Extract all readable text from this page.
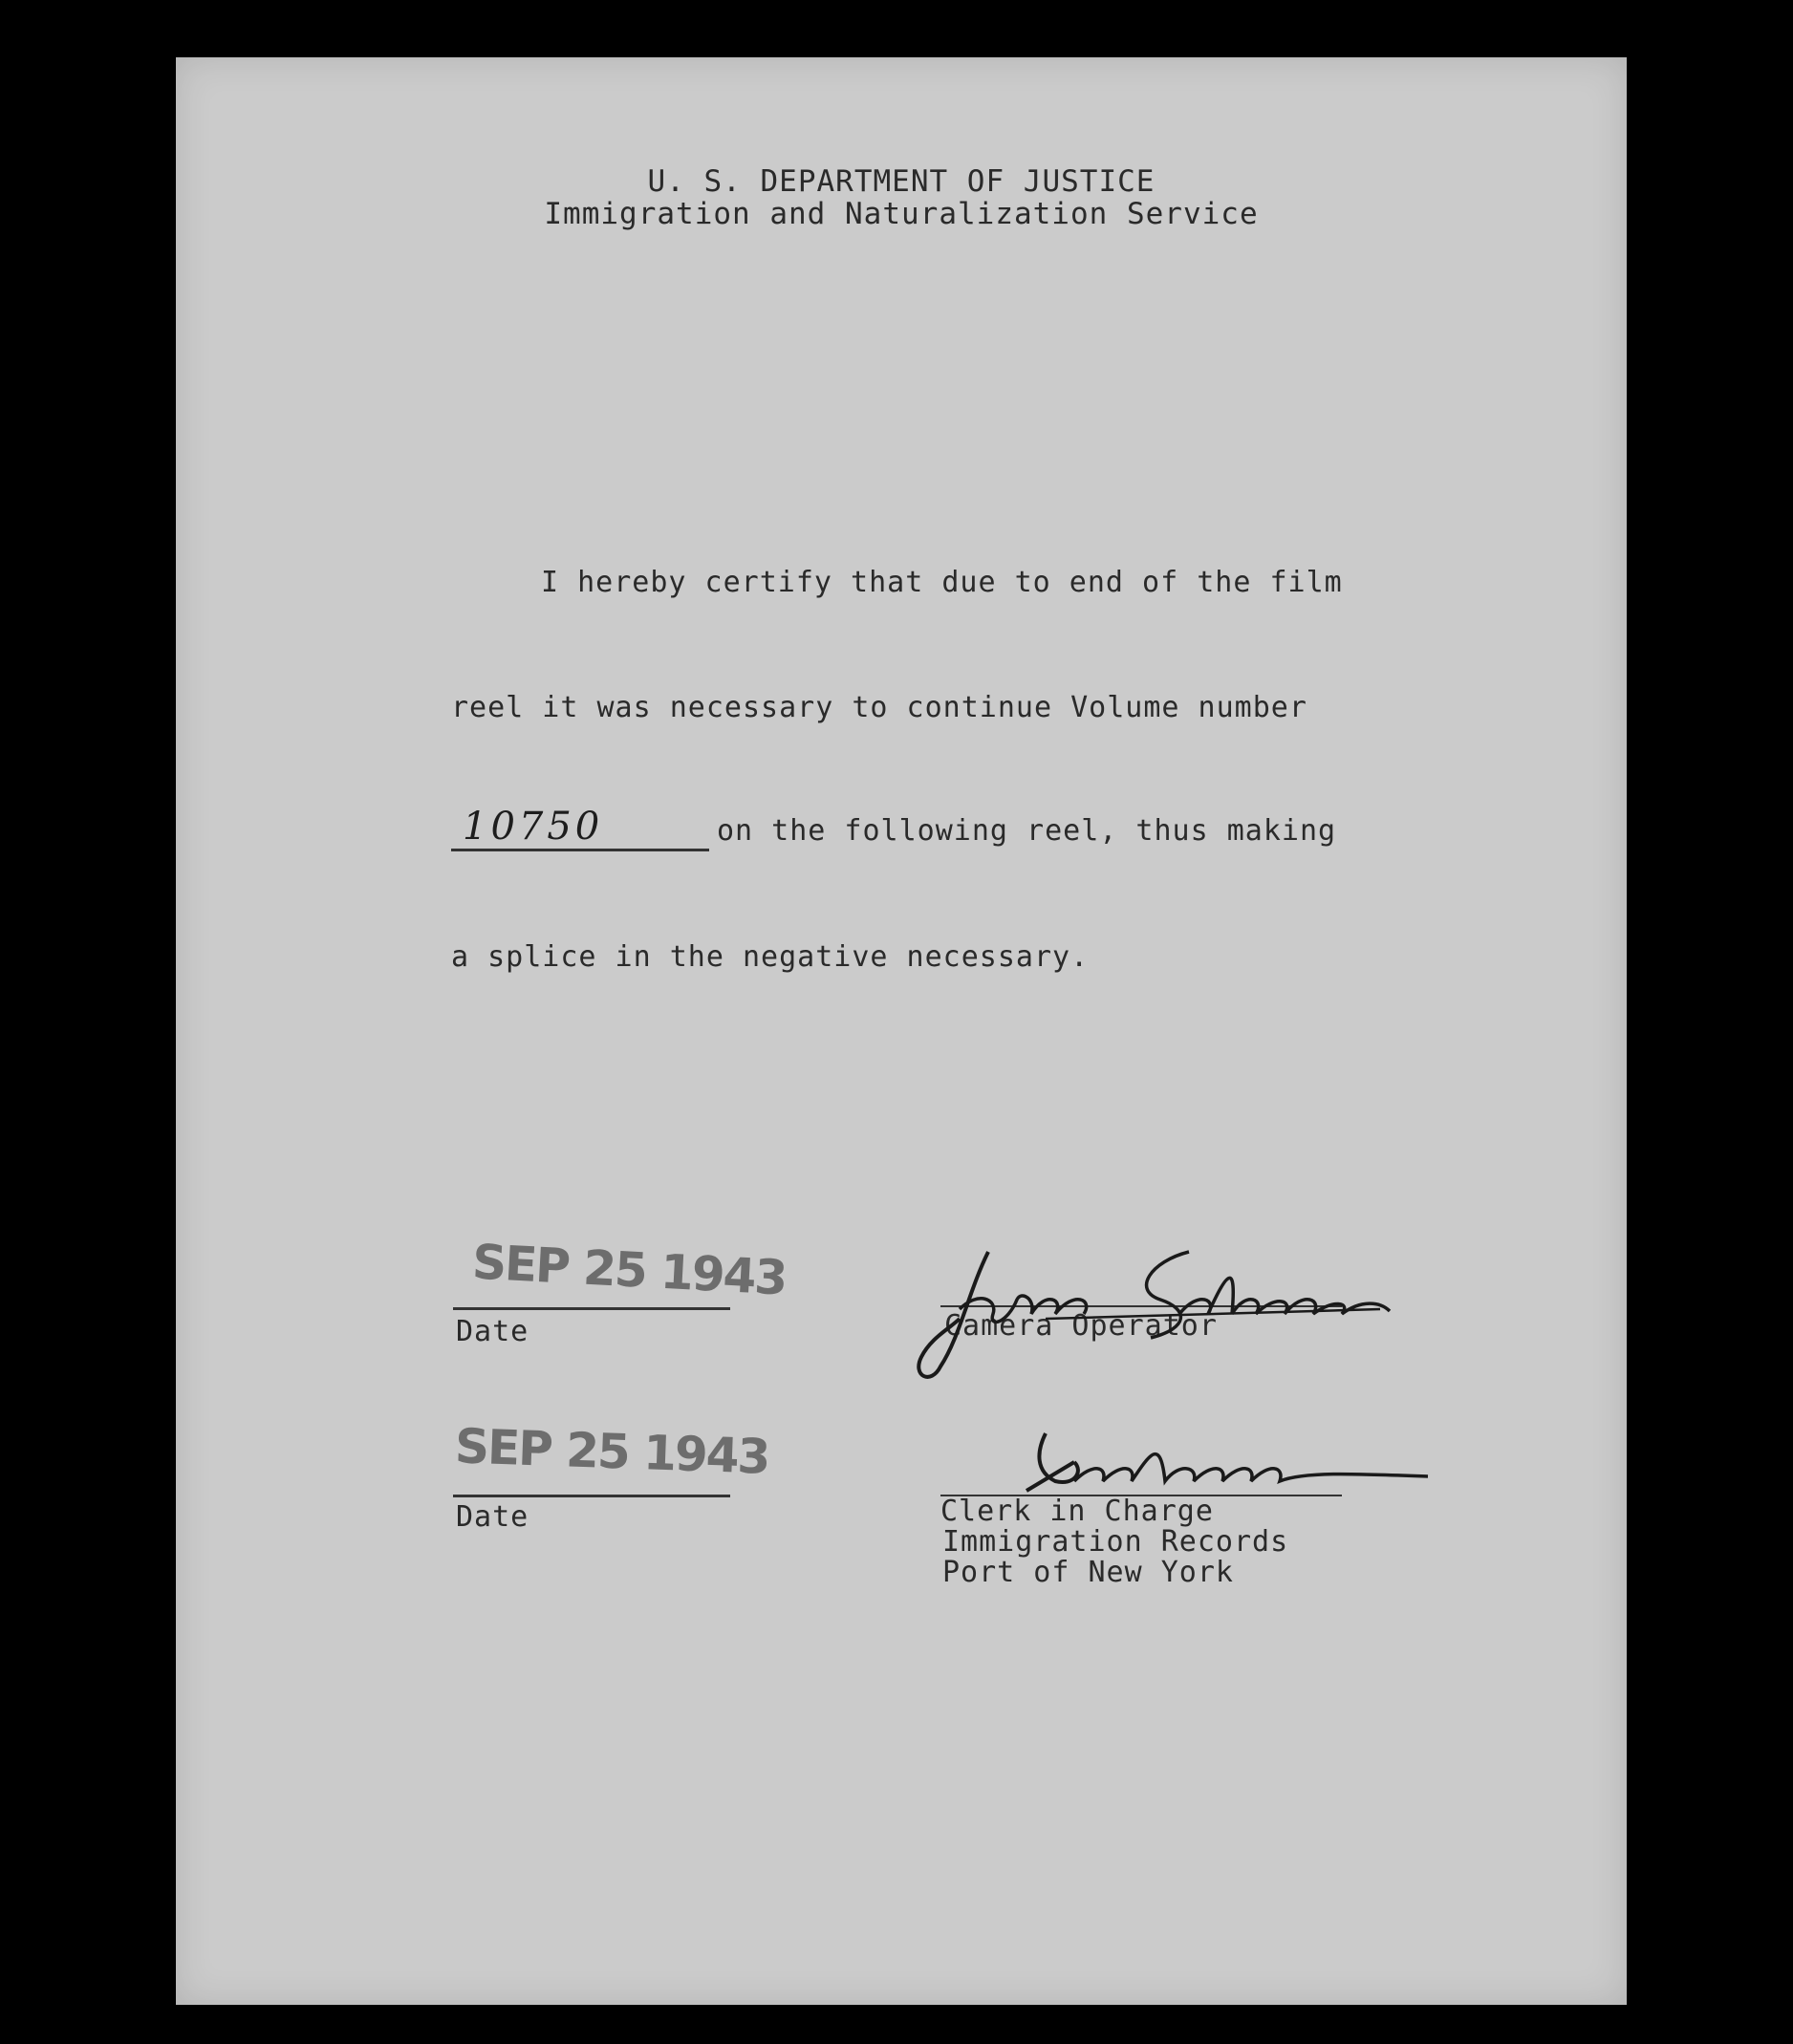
U. S. DEPARTMENT OF JUSTICE
Immigration and Naturalization Service
I hereby certify that due to end of the film
reel it was necessary to continue Volume number
10750	on the following reel, thus making
a splice in the negative necessary.
SEP 25 1943
Date	Camera Operator
SEP 25 1943
Date	Clerk in Charge
Immigration Records
Port of New York
